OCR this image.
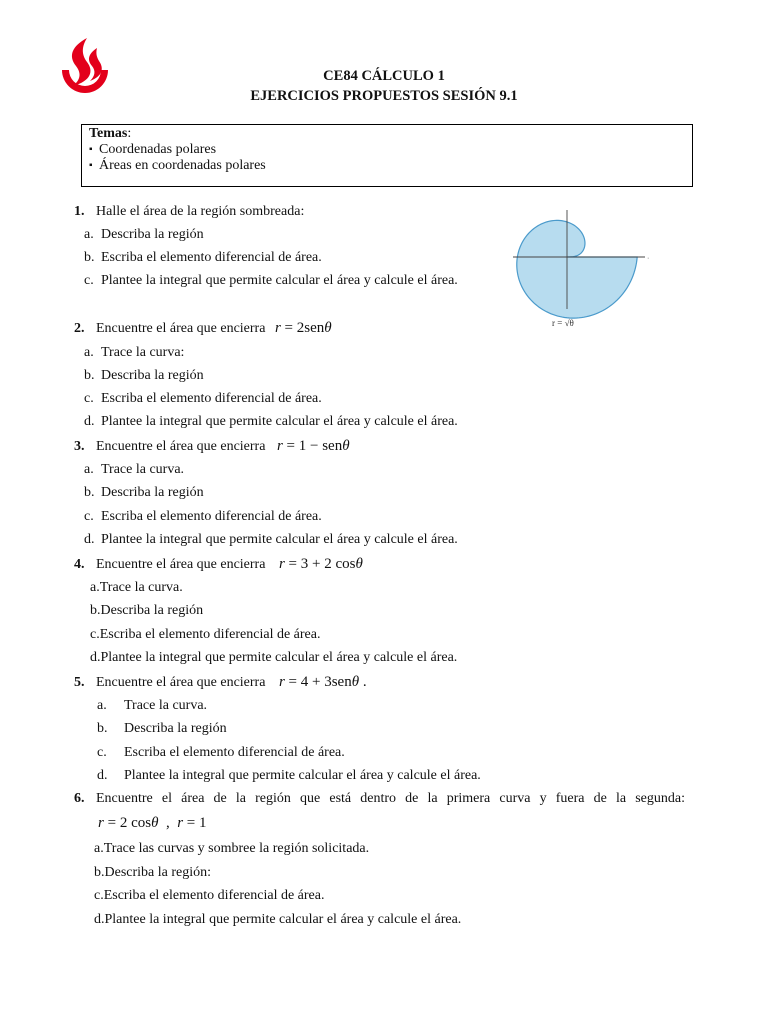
CE84 CÁLCULO 1
EJERCICIOS PROPUESTOS SESIÓN 9.1
Temas:
▪ Coordenadas polares
▪ Áreas en coordenadas polares
·
r = √θ
1. Halle el área de la región sombreada:
a. Describa la región
b. Escriba el elemento diferencial de área.
c. Plantee la integral que permite calcular el área y calcule el área.
2. Encuentre el área que encierra r = 2senθ
a. Trace la curva:
b. Describa la región
c. Escriba el elemento diferencial de área.
d. Plantee la integral que permite calcular el área y calcule el área.
3. Encuentre el área que encierra r = 1 − senθ
a. Trace la curva.
b. Describa la región
c. Escriba el elemento diferencial de área.
d. Plantee la integral que permite calcular el área y calcule el área.
4. Encuentre el área que encierra r = 3 + 2 cosθ
a.Trace la curva.
b.Describa la región
c.Escriba el elemento diferencial de área.
d.Plantee la integral que permite calcular el área y calcule el área.
5. Encuentre el área que encierra r = 4 + 3senθ .
a. Trace la curva.
b. Describa la región
c. Escriba el elemento diferencial de área.
d. Plantee la integral que permite calcular el área y calcule el área.
6. Encuentre el área de la región que está dentro de la primera curva y fuera de la segunda:
r = 2 cosθ  ,  r = 1
a.Trace las curvas y sombree la región solicitada.
b.Describa la región:
c.Escriba el elemento diferencial de área.
d.Plantee la integral que permite calcular el área y calcule el área.
